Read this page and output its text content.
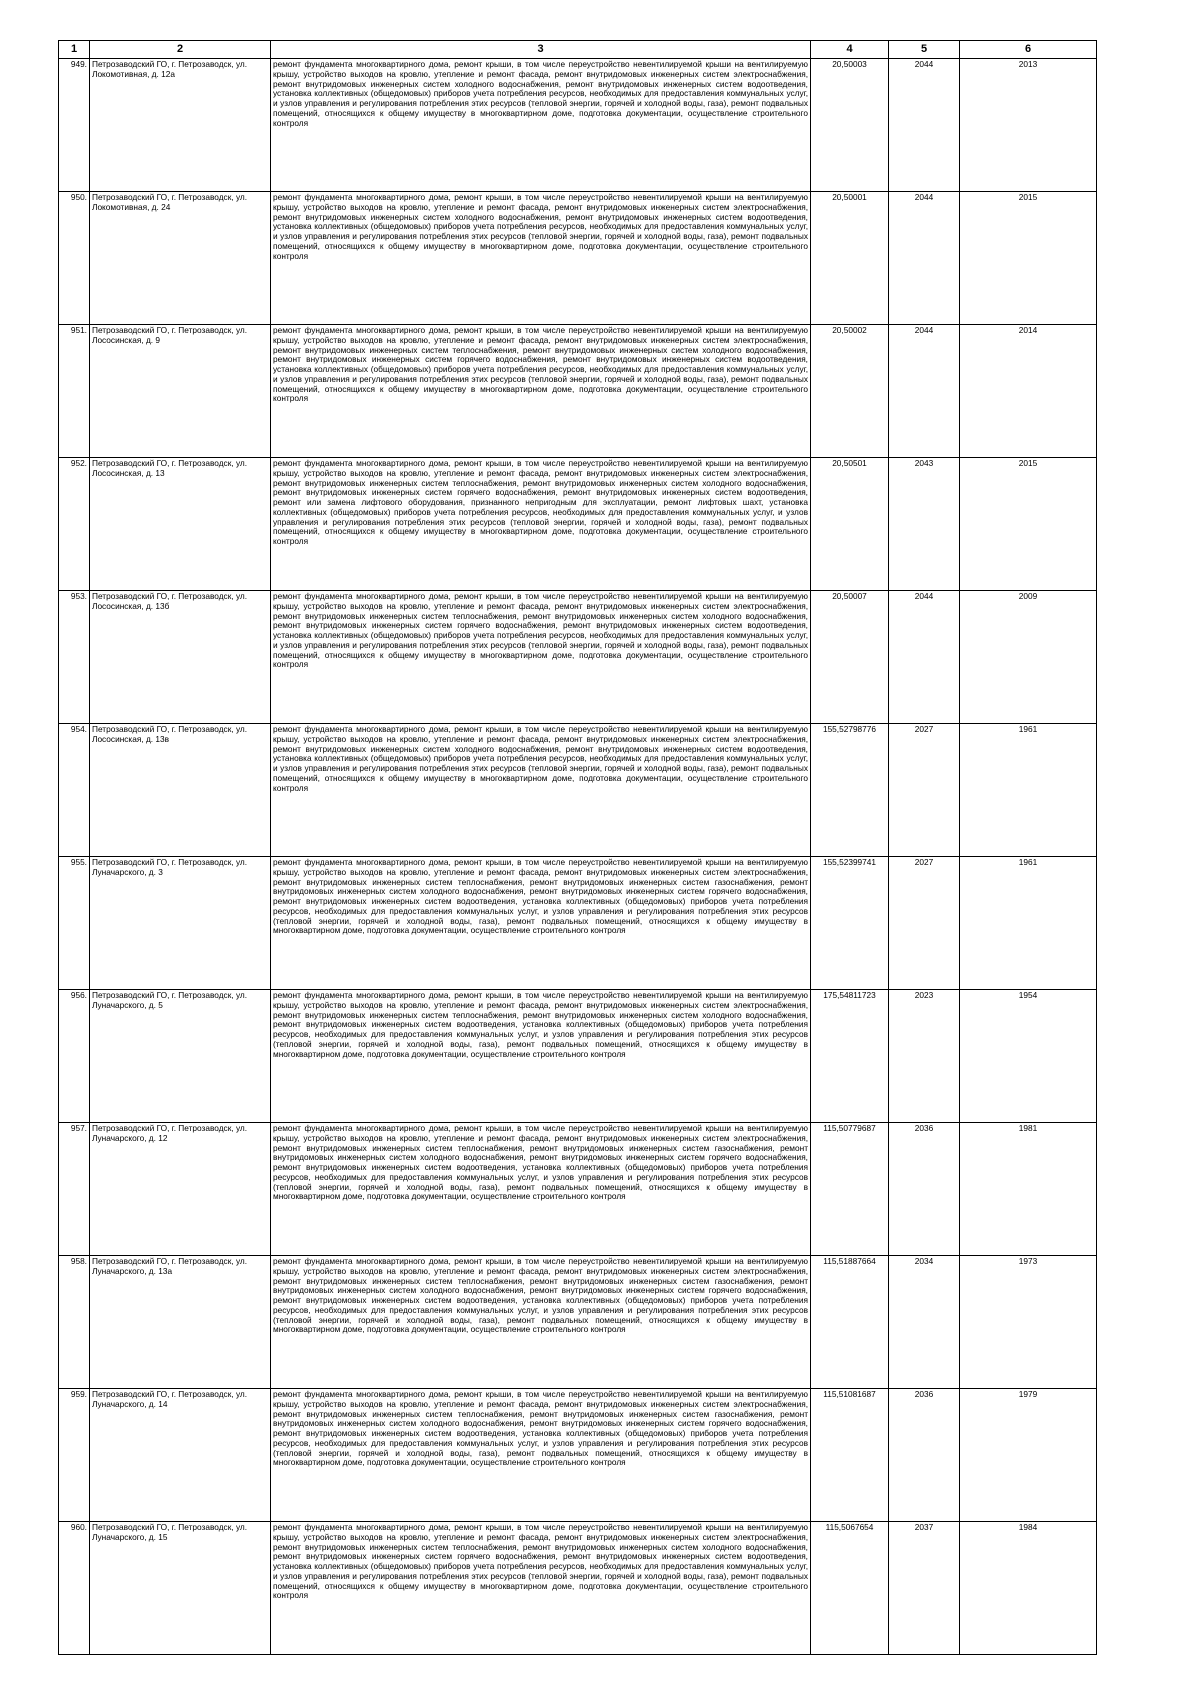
1	2	3	4	5	6
949.	Петрозаводский ГО, г. Петрозаводск, ул. Локомотивная, д. 12а	ремонт фундамента многоквартирного дома, ремонт крыши, в том числе переустройство невентилируемой крыши на вентилируемую крышу, устройство выходов на кровлю, утепление и ремонт фасада, ремонт внутридомовых инженерных систем электроснабжения, ремонт внутридомовых инженерных систем холодного водоснабжения, ремонт внутридомовых инженерных систем водоотведения, установка коллективных (общедомовых) приборов учета потребления ресурсов, необходимых для предоставления коммунальных услуг, и узлов управления и регулирования потребления этих ресурсов (тепловой энергии, горячей и холодной воды, газа), ремонт подвальных помещений, относящихся к общему имуществу в многоквартирном доме, подготовка документации, осуществление строительного контроля	20,50003	2044	2013
950.	Петрозаводский ГО, г. Петрозаводск, ул. Локомотивная, д. 24	ремонт фундамента многоквартирного дома, ремонт крыши, в том числе переустройство невентилируемой крыши на вентилируемую крышу, устройство выходов на кровлю, утепление и ремонт фасада, ремонт внутридомовых инженерных систем электроснабжения, ремонт внутридомовых инженерных систем холодного водоснабжения, ремонт внутридомовых инженерных систем водоотведения, установка коллективных (общедомовых) приборов учета потребления ресурсов, необходимых для предоставления коммунальных услуг, и узлов управления и регулирования потребления этих ресурсов (тепловой энергии, горячей и холодной воды, газа), ремонт подвальных помещений, относящихся к общему имуществу в многоквартирном доме, подготовка документации, осуществление строительного контроля	20,50001	2044	2015
951.	Петрозаводский ГО, г. Петрозаводск, ул. Лососинская, д. 9	ремонт фундамента многоквартирного дома, ремонт крыши, в том числе переустройство невентилируемой крыши на вентилируемую крышу, устройство выходов на кровлю, утепление и ремонт фасада, ремонт внутридомовых инженерных систем электроснабжения, ремонт внутридомовых инженерных систем теплоснабжения, ремонт внутридомовых инженерных систем холодного водоснабжения, ремонт внутридомовых инженерных систем горячего водоснабжения, ремонт внутридомовых инженерных систем водоотведения, установка коллективных (общедомовых) приборов учета потребления ресурсов, необходимых для предоставления коммунальных услуг, и узлов управления и регулирования потребления этих ресурсов (тепловой энергии, горячей и холодной воды, газа), ремонт подвальных помещений, относящихся к общему имуществу в многоквартирном доме, подготовка документации, осуществление строительного контроля	20,50002	2044	2014
952.	Петрозаводский ГО, г. Петрозаводск, ул. Лососинская, д. 13	ремонт фундамента многоквартирного дома, ремонт крыши, в том числе переустройство невентилируемой крыши на вентилируемую крышу, устройство выходов на кровлю, утепление и ремонт фасада, ремонт внутридомовых инженерных систем электроснабжения, ремонт внутридомовых инженерных систем теплоснабжения, ремонт внутридомовых инженерных систем холодного водоснабжения, ремонт внутридомовых инженерных систем горячего водоснабжения, ремонт внутридомовых инженерных систем водоотведения, ремонт или замена лифтового оборудования, признанного непригодным для эксплуатации, ремонт лифтовых шахт, установка коллективных (общедомовых) приборов учета потребления ресурсов, необходимых для предоставления коммунальных услуг, и узлов управления и регулирования потребления этих ресурсов (тепловой энергии, горячей и холодной воды, газа), ремонт подвальных помещений, относящихся к общему имуществу в многоквартирном доме, подготовка документации, осуществление строительного контроля	20,50501	2043	2015
953.	Петрозаводский ГО, г. Петрозаводск, ул. Лососинская, д. 13б	ремонт фундамента многоквартирного дома, ремонт крыши, в том числе переустройство невентилируемой крыши на вентилируемую крышу, устройство выходов на кровлю, утепление и ремонт фасада, ремонт внутридомовых инженерных систем электроснабжения, ремонт внутридомовых инженерных систем теплоснабжения, ремонт внутридомовых инженерных систем холодного водоснабжения, ремонт внутридомовых инженерных систем горячего водоснабжения, ремонт внутридомовых инженерных систем водоотведения, установка коллективных (общедомовых) приборов учета потребления ресурсов, необходимых для предоставления коммунальных услуг, и узлов управления и регулирования потребления этих ресурсов (тепловой энергии, горячей и холодной воды, газа), ремонт подвальных помещений, относящихся к общему имуществу в многоквартирном доме, подготовка документации, осуществление строительного контроля	20,50007	2044	2009
954.	Петрозаводский ГО, г. Петрозаводск, ул. Лососинская, д. 13в	ремонт фундамента многоквартирного дома, ремонт крыши, в том числе переустройство невентилируемой крыши на вентилируемую крышу, устройство выходов на кровлю, утепление и ремонт фасада, ремонт внутридомовых инженерных систем электроснабжения, ремонт внутридомовых инженерных систем холодного водоснабжения, ремонт внутридомовых инженерных систем водоотведения, установка коллективных (общедомовых) приборов учета потребления ресурсов, необходимых для предоставления коммунальных услуг, и узлов управления и регулирования потребления этих ресурсов (тепловой энергии, горячей и холодной воды, газа), ремонт подвальных помещений, относящихся к общему имуществу в многоквартирном доме, подготовка документации, осуществление строительного контроля	155,52798776	2027	1961
955.	Петрозаводский ГО, г. Петрозаводск, ул. Луначарского, д. 3	ремонт фундамента многоквартирного дома, ремонт крыши, в том числе переустройство невентилируемой крыши на вентилируемую крышу, устройство выходов на кровлю, утепление и ремонт фасада, ремонт внутридомовых инженерных систем электроснабжения, ремонт внутридомовых инженерных систем теплоснабжения, ремонт внутридомовых инженерных систем газоснабжения, ремонт внутридомовых инженерных систем холодного водоснабжения, ремонт внутридомовых инженерных систем горячего водоснабжения, ремонт внутридомовых инженерных систем водоотведения, установка коллективных (общедомовых) приборов учета потребления ресурсов, необходимых для предоставления коммунальных услуг, и узлов управления и регулирования потребления этих ресурсов (тепловой энергии, горячей и холодной воды, газа), ремонт подвальных помещений, относящихся к общему имуществу в многоквартирном доме, подготовка документации, осуществление строительного контроля	155,52399741	2027	1961
956.	Петрозаводский ГО, г. Петрозаводск, ул. Луначарского, д. 5	ремонт фундамента многоквартирного дома, ремонт крыши, в том числе переустройство невентилируемой крыши на вентилируемую крышу, устройство выходов на кровлю, утепление и ремонт фасада, ремонт внутридомовых инженерных систем электроснабжения, ремонт внутридомовых инженерных систем теплоснабжения, ремонт внутридомовых инженерных систем холодного водоснабжения, ремонт внутридомовых инженерных систем водоотведения, установка коллективных (общедомовых) приборов учета потребления ресурсов, необходимых для предоставления коммунальных услуг, и узлов управления и регулирования потребления этих ресурсов (тепловой энергии, горячей и холодной воды, газа), ремонт подвальных помещений, относящихся к общему имуществу в многоквартирном доме, подготовка документации, осуществление строительного контроля	175,54811723	2023	1954
957.	Петрозаводский ГО, г. Петрозаводск, ул. Луначарского, д. 12	ремонт фундамента многоквартирного дома, ремонт крыши, в том числе переустройство невентилируемой крыши на вентилируемую крышу, устройство выходов на кровлю, утепление и ремонт фасада, ремонт внутридомовых инженерных систем электроснабжения, ремонт внутридомовых инженерных систем теплоснабжения, ремонт внутридомовых инженерных систем газоснабжения, ремонт внутридомовых инженерных систем холодного водоснабжения, ремонт внутридомовых инженерных систем горячего водоснабжения, ремонт внутридомовых инженерных систем водоотведения, установка коллективных (общедомовых) приборов учета потребления ресурсов, необходимых для предоставления коммунальных услуг, и узлов управления и регулирования потребления этих ресурсов (тепловой энергии, горячей и холодной воды, газа), ремонт подвальных помещений, относящихся к общему имуществу в многоквартирном доме, подготовка документации, осуществление строительного контроля	115,50779687	2036	1981
958.	Петрозаводский ГО, г. Петрозаводск, ул. Луначарского, д. 13а	ремонт фундамента многоквартирного дома, ремонт крыши, в том числе переустройство невентилируемой крыши на вентилируемую крышу, устройство выходов на кровлю, утепление и ремонт фасада, ремонт внутридомовых инженерных систем электроснабжения, ремонт внутридомовых инженерных систем теплоснабжения, ремонт внутридомовых инженерных систем газоснабжения, ремонт внутридомовых инженерных систем холодного водоснабжения, ремонт внутридомовых инженерных систем горячего водоснабжения, ремонт внутридомовых инженерных систем водоотведения, установка коллективных (общедомовых) приборов учета потребления ресурсов, необходимых для предоставления коммунальных услуг, и узлов управления и регулирования потребления этих ресурсов (тепловой энергии, горячей и холодной воды, газа), ремонт подвальных помещений, относящихся к общему имуществу в многоквартирном доме, подготовка документации, осуществление строительного контроля	115,51887664	2034	1973
959.	Петрозаводский ГО, г. Петрозаводск, ул. Луначарского, д. 14	ремонт фундамента многоквартирного дома, ремонт крыши, в том числе переустройство невентилируемой крыши на вентилируемую крышу, устройство выходов на кровлю, утепление и ремонт фасада, ремонт внутридомовых инженерных систем электроснабжения, ремонт внутридомовых инженерных систем теплоснабжения, ремонт внутридомовых инженерных систем газоснабжения, ремонт внутридомовых инженерных систем холодного водоснабжения, ремонт внутридомовых инженерных систем горячего водоснабжения, ремонт внутридомовых инженерных систем водоотведения, установка коллективных (общедомовых) приборов учета потребления ресурсов, необходимых для предоставления коммунальных услуг, и узлов управления и регулирования потребления этих ресурсов (тепловой энергии, горячей и холодной воды, газа), ремонт подвальных помещений, относящихся к общему имуществу в многоквартирном доме, подготовка документации, осуществление строительного контроля	115,51081687	2036	1979
960.	Петрозаводский ГО, г. Петрозаводск, ул. Луначарского, д. 15	ремонт фундамента многоквартирного дома, ремонт крыши, в том числе переустройство невентилируемой крыши на вентилируемую крышу, устройство выходов на кровлю, утепление и ремонт фасада, ремонт внутридомовых инженерных систем электроснабжения, ремонт внутридомовых инженерных систем теплоснабжения, ремонт внутридомовых инженерных систем холодного водоснабжения, ремонт внутридомовых инженерных систем горячего водоснабжения, ремонт внутридомовых инженерных систем водоотведения, установка коллективных (общедомовых) приборов учета потребления ресурсов, необходимых для предоставления коммунальных услуг, и узлов управления и регулирования потребления этих ресурсов (тепловой энергии, горячей и холодной воды, газа), ремонт подвальных помещений, относящихся к общему имуществу в многоквартирном доме, подготовка документации, осуществление строительного контроля	115,5067654	2037	1984
